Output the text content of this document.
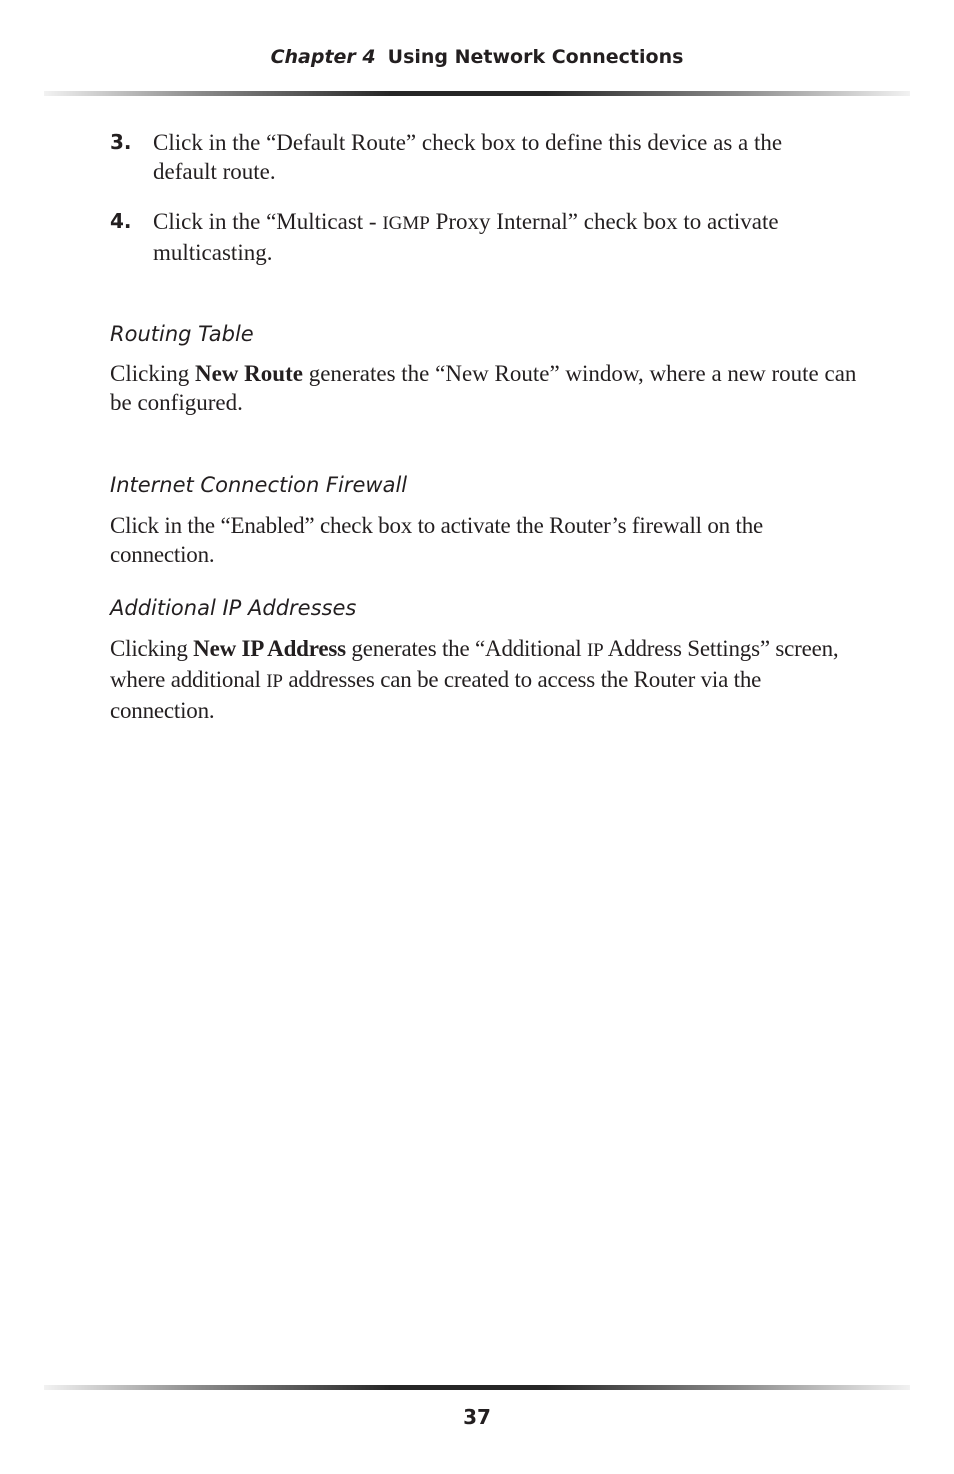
Chapter 4 Using Network Connections
3. Click in the “Default Route” check box to define this device as a the default route.
4. Click in the “Multicast - IGMP Proxy Internal” check box to activate multicasting.
Routing Table
Clicking New Route generates the “New Route” window, where a new route can be configured.
Internet Connection Firewall
Click in the “Enabled” check box to activate the Router’s firewall on the connection.
Additional IP Addresses
Clicking New IP Address generates the “Additional IP Address Settings” screen, where additional IP addresses can be created to access the Router via the connection.
37
